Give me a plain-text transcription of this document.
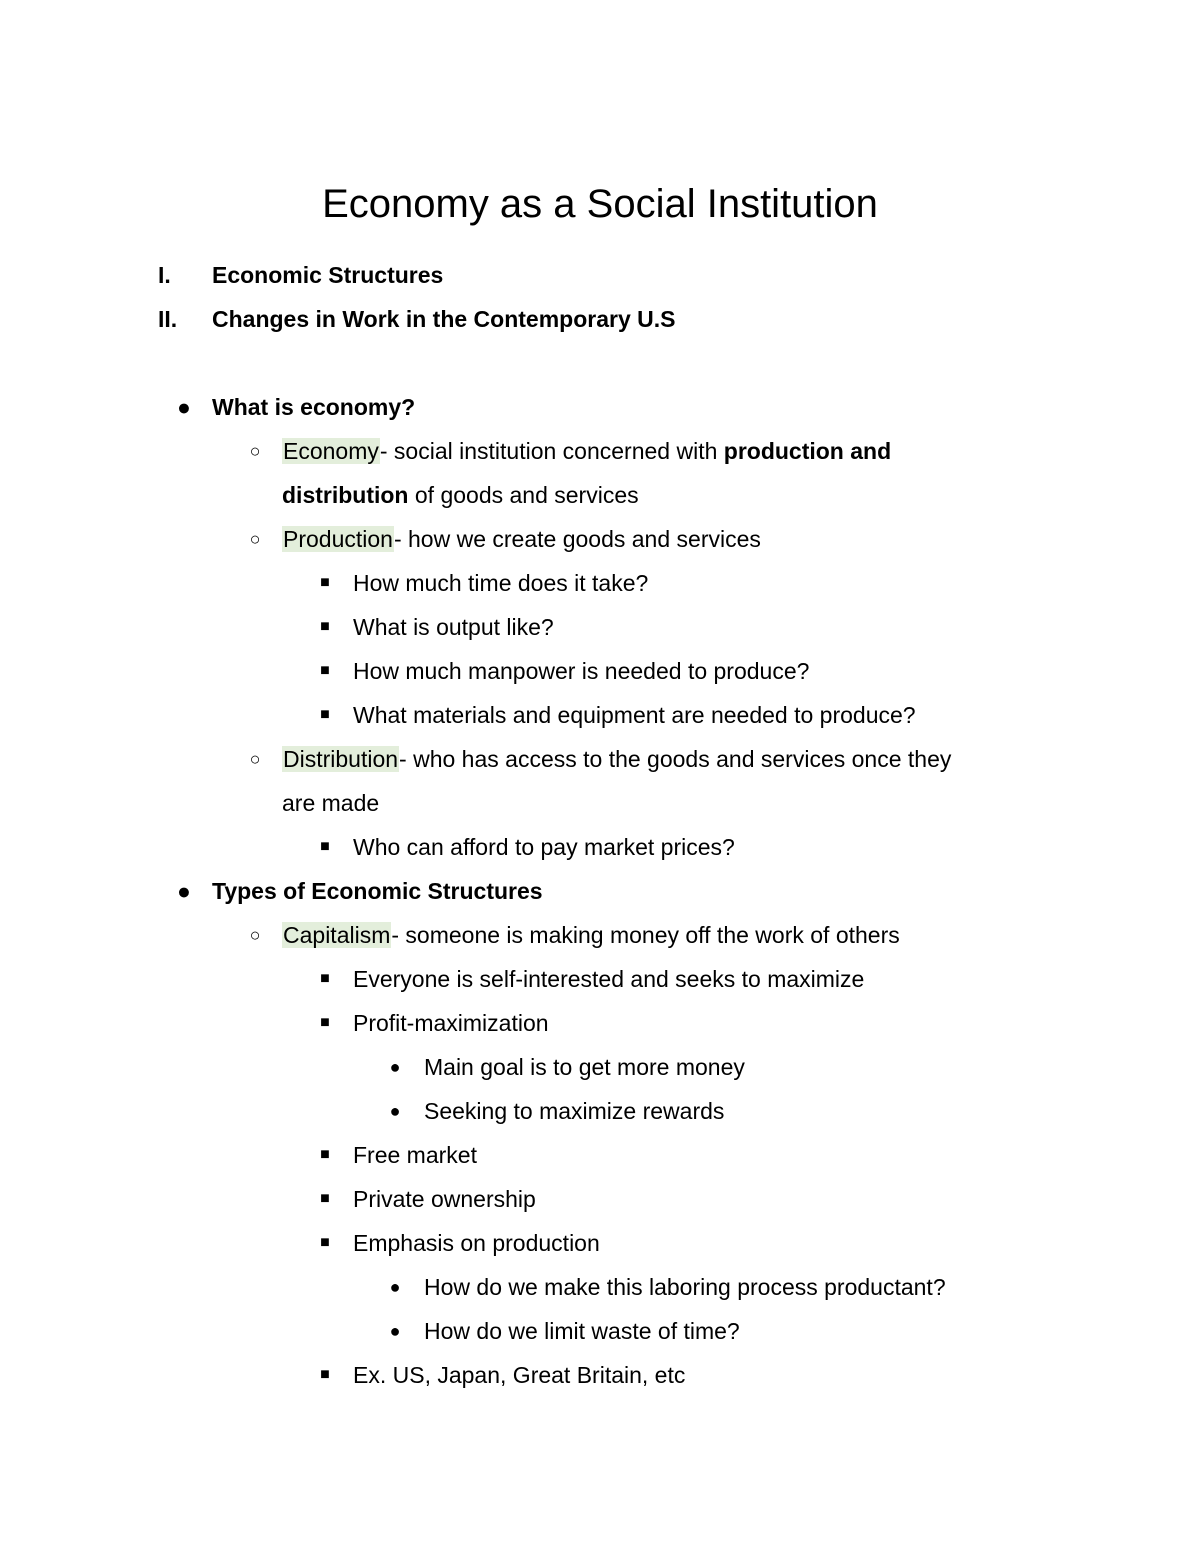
Economy as a Social Institution
I.	Economic Structures
II.	Changes in Work in the Contemporary U.S
● What is economy?
○ Economy- social institution concerned with production and
distribution of goods and services
○ Production- how we create goods and services
■ How much time does it take?
■ What is output like?
■ How much manpower is needed to produce?
■ What materials and equipment are needed to produce?
○ Distribution- who has access to the goods and services once they
are made
■ Who can afford to pay market prices?
● Types of Economic Structures
○ Capitalism- someone is making money off the work of others
■ Everyone is self-interested and seeks to maximize
■ Profit-maximization
● Main goal is to get more money
● Seeking to maximize rewards
■ Free market
■ Private ownership
■ Emphasis on production
● How do we make this laboring process productant?
● How do we limit waste of time?
■ Ex. US, Japan, Great Britain, etc
